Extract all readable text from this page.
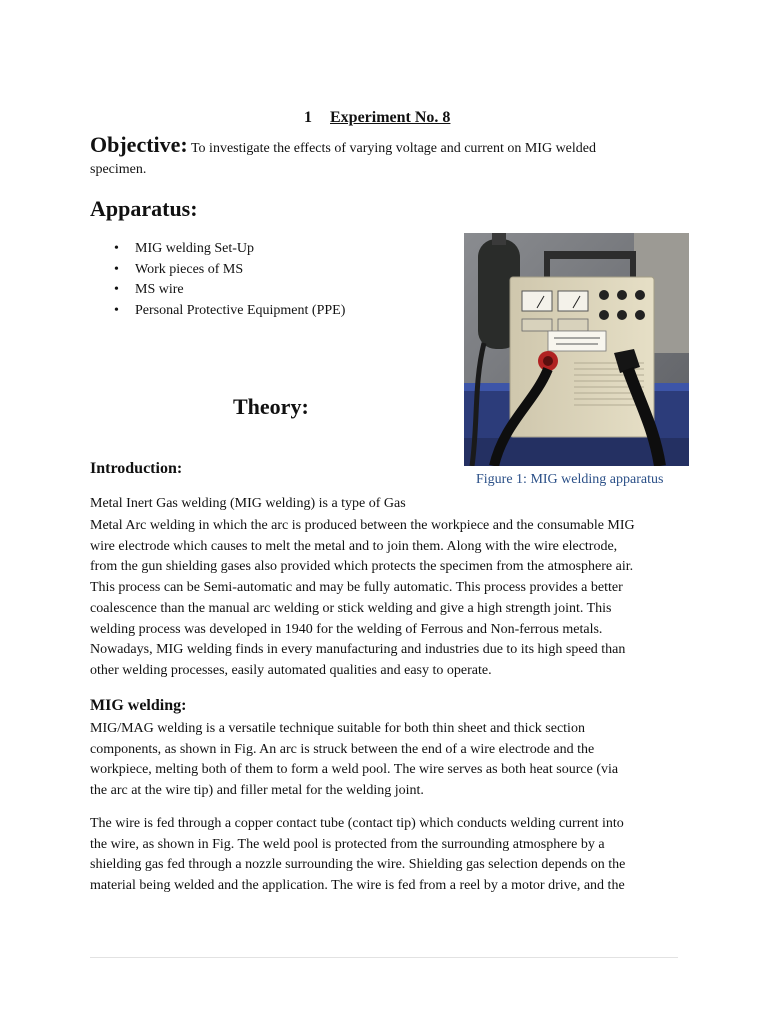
1 Experiment No. 8
Objective: To investigate the effects of varying voltage and current on MIG welded
specimen.
Apparatus:
• MIG welding Set-Up
• Work pieces of MS
• MS wire
• Personal Protective Equipment (PPE)
Figure 1: MIG welding apparatus
Theory:
Introduction:
Metal Inert Gas welding (MIG welding) is a type of Gas

Metal Arc welding in which the arc is produced between the workpiece and the consumable MIG
wire electrode which causes to melt the metal and to join them. Along with the wire electrode,
from the gun shielding gases also provided which protects the specimen from the atmosphere air.
This process can be Semi-automatic and may be fully automatic. This process provides a better
coalescence than the manual arc welding or stick welding and give a high strength joint. This
welding process was developed in 1940 for the welding of Ferrous and Non-ferrous metals.
Nowadays, MIG welding finds in every manufacturing and industries due to its high speed than
other welding processes, easily automated qualities and easy to operate.

MIG welding:

MIG/MAG welding is a versatile technique suitable for both thin sheet and thick section
components, as shown in Fig. An arc is struck between the end of a wire electrode and the
workpiece, melting both of them to form a weld pool. The wire serves as both heat source (via
the arc at the wire tip) and filler metal for the welding joint.

The wire is fed through a copper contact tube (contact tip) which conducts welding current into
the wire, as shown in Fig. The weld pool is protected from the surrounding atmosphere by a
shielding gas fed through a nozzle surrounding the wire. Shielding gas selection depends on the
material being welded and the application. The wire is fed from a reel by a motor drive, and the
